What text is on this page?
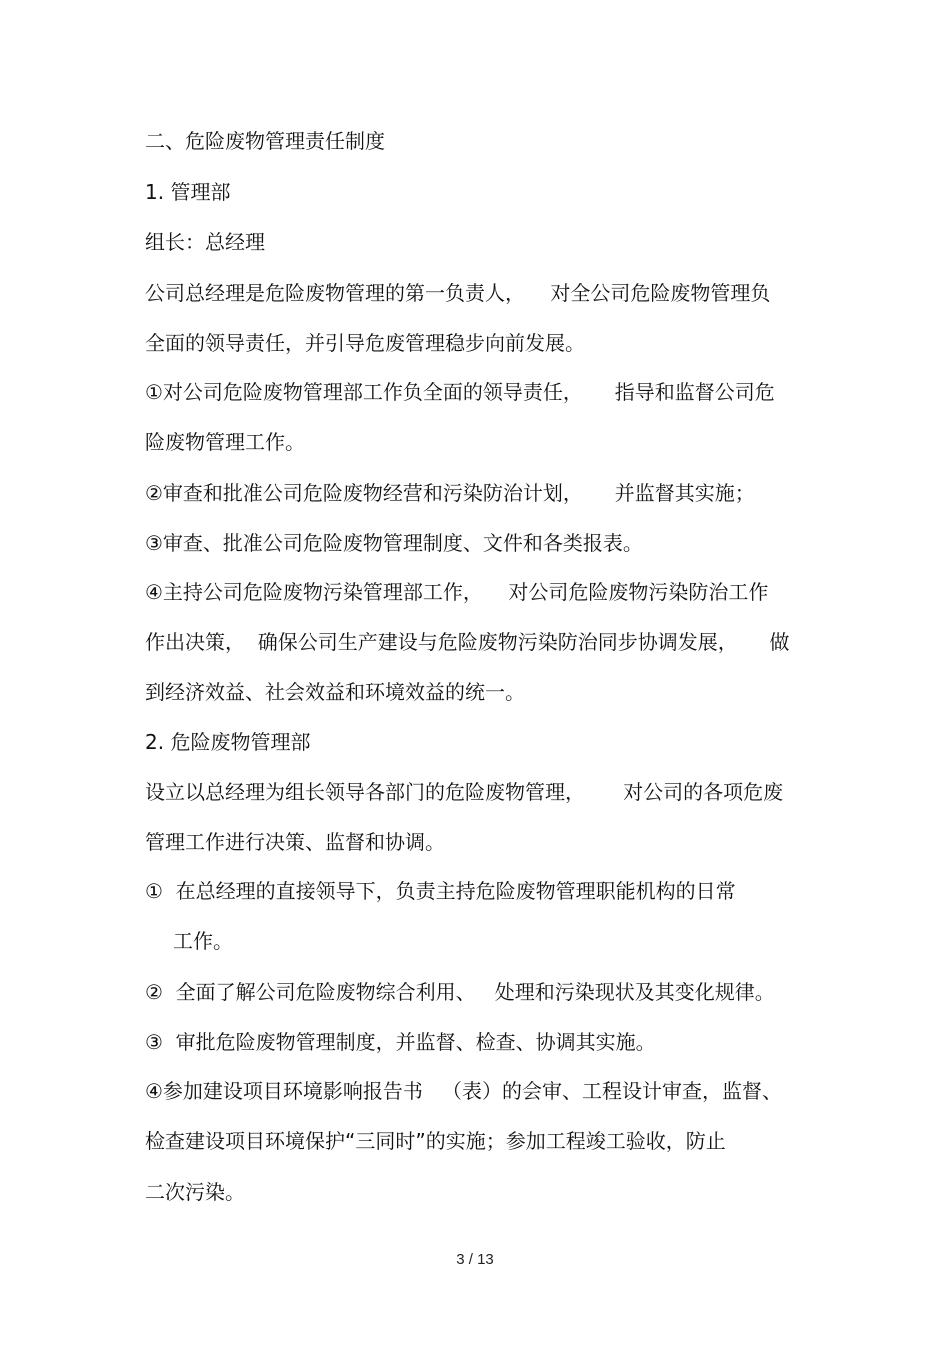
二、危险废物管理责任制度
1. 管理部
组长：总经理
公司总经理是危险废物管理的第一负责人，    对全公司危险废物管理负
全面的领导责任，并引导危废管理稳步向前发展。
①对公司危险废物管理部工作负全面的领导责任，     指导和监督公司危
险废物管理工作。
②审查和批准公司危险废物经营和污染防治计划，     并监督其实施；
③审查、批准公司危险废物管理制度、文件和各类报表。
④主持公司危险废物污染管理部工作，    对公司危险废物污染防治工作
作出决策，  确保公司生产建设与危险废物污染防治同步协调发展，     做
到经济效益、社会效益和环境效益的统一。
2. 危险废物管理部
设立以总经理为组长领导各部门的危险废物管理，      对公司的各项危废
管理工作进行决策、监督和协调。
①  在总经理的直接领导下，负责主持危险废物管理职能机构的日常
工作。
②  全面了解公司危险废物综合利用、   处理和污染现状及其变化规律。
③  审批危险废物管理制度，并监督、检查、协调其实施。
④参加建设项目环境影响报告书   （表）的会审、工程设计审查，监督、
检查建设项目环境保护“三同时”的实施；参加工程竣工验收，防止
二次污染。
3 / 13
